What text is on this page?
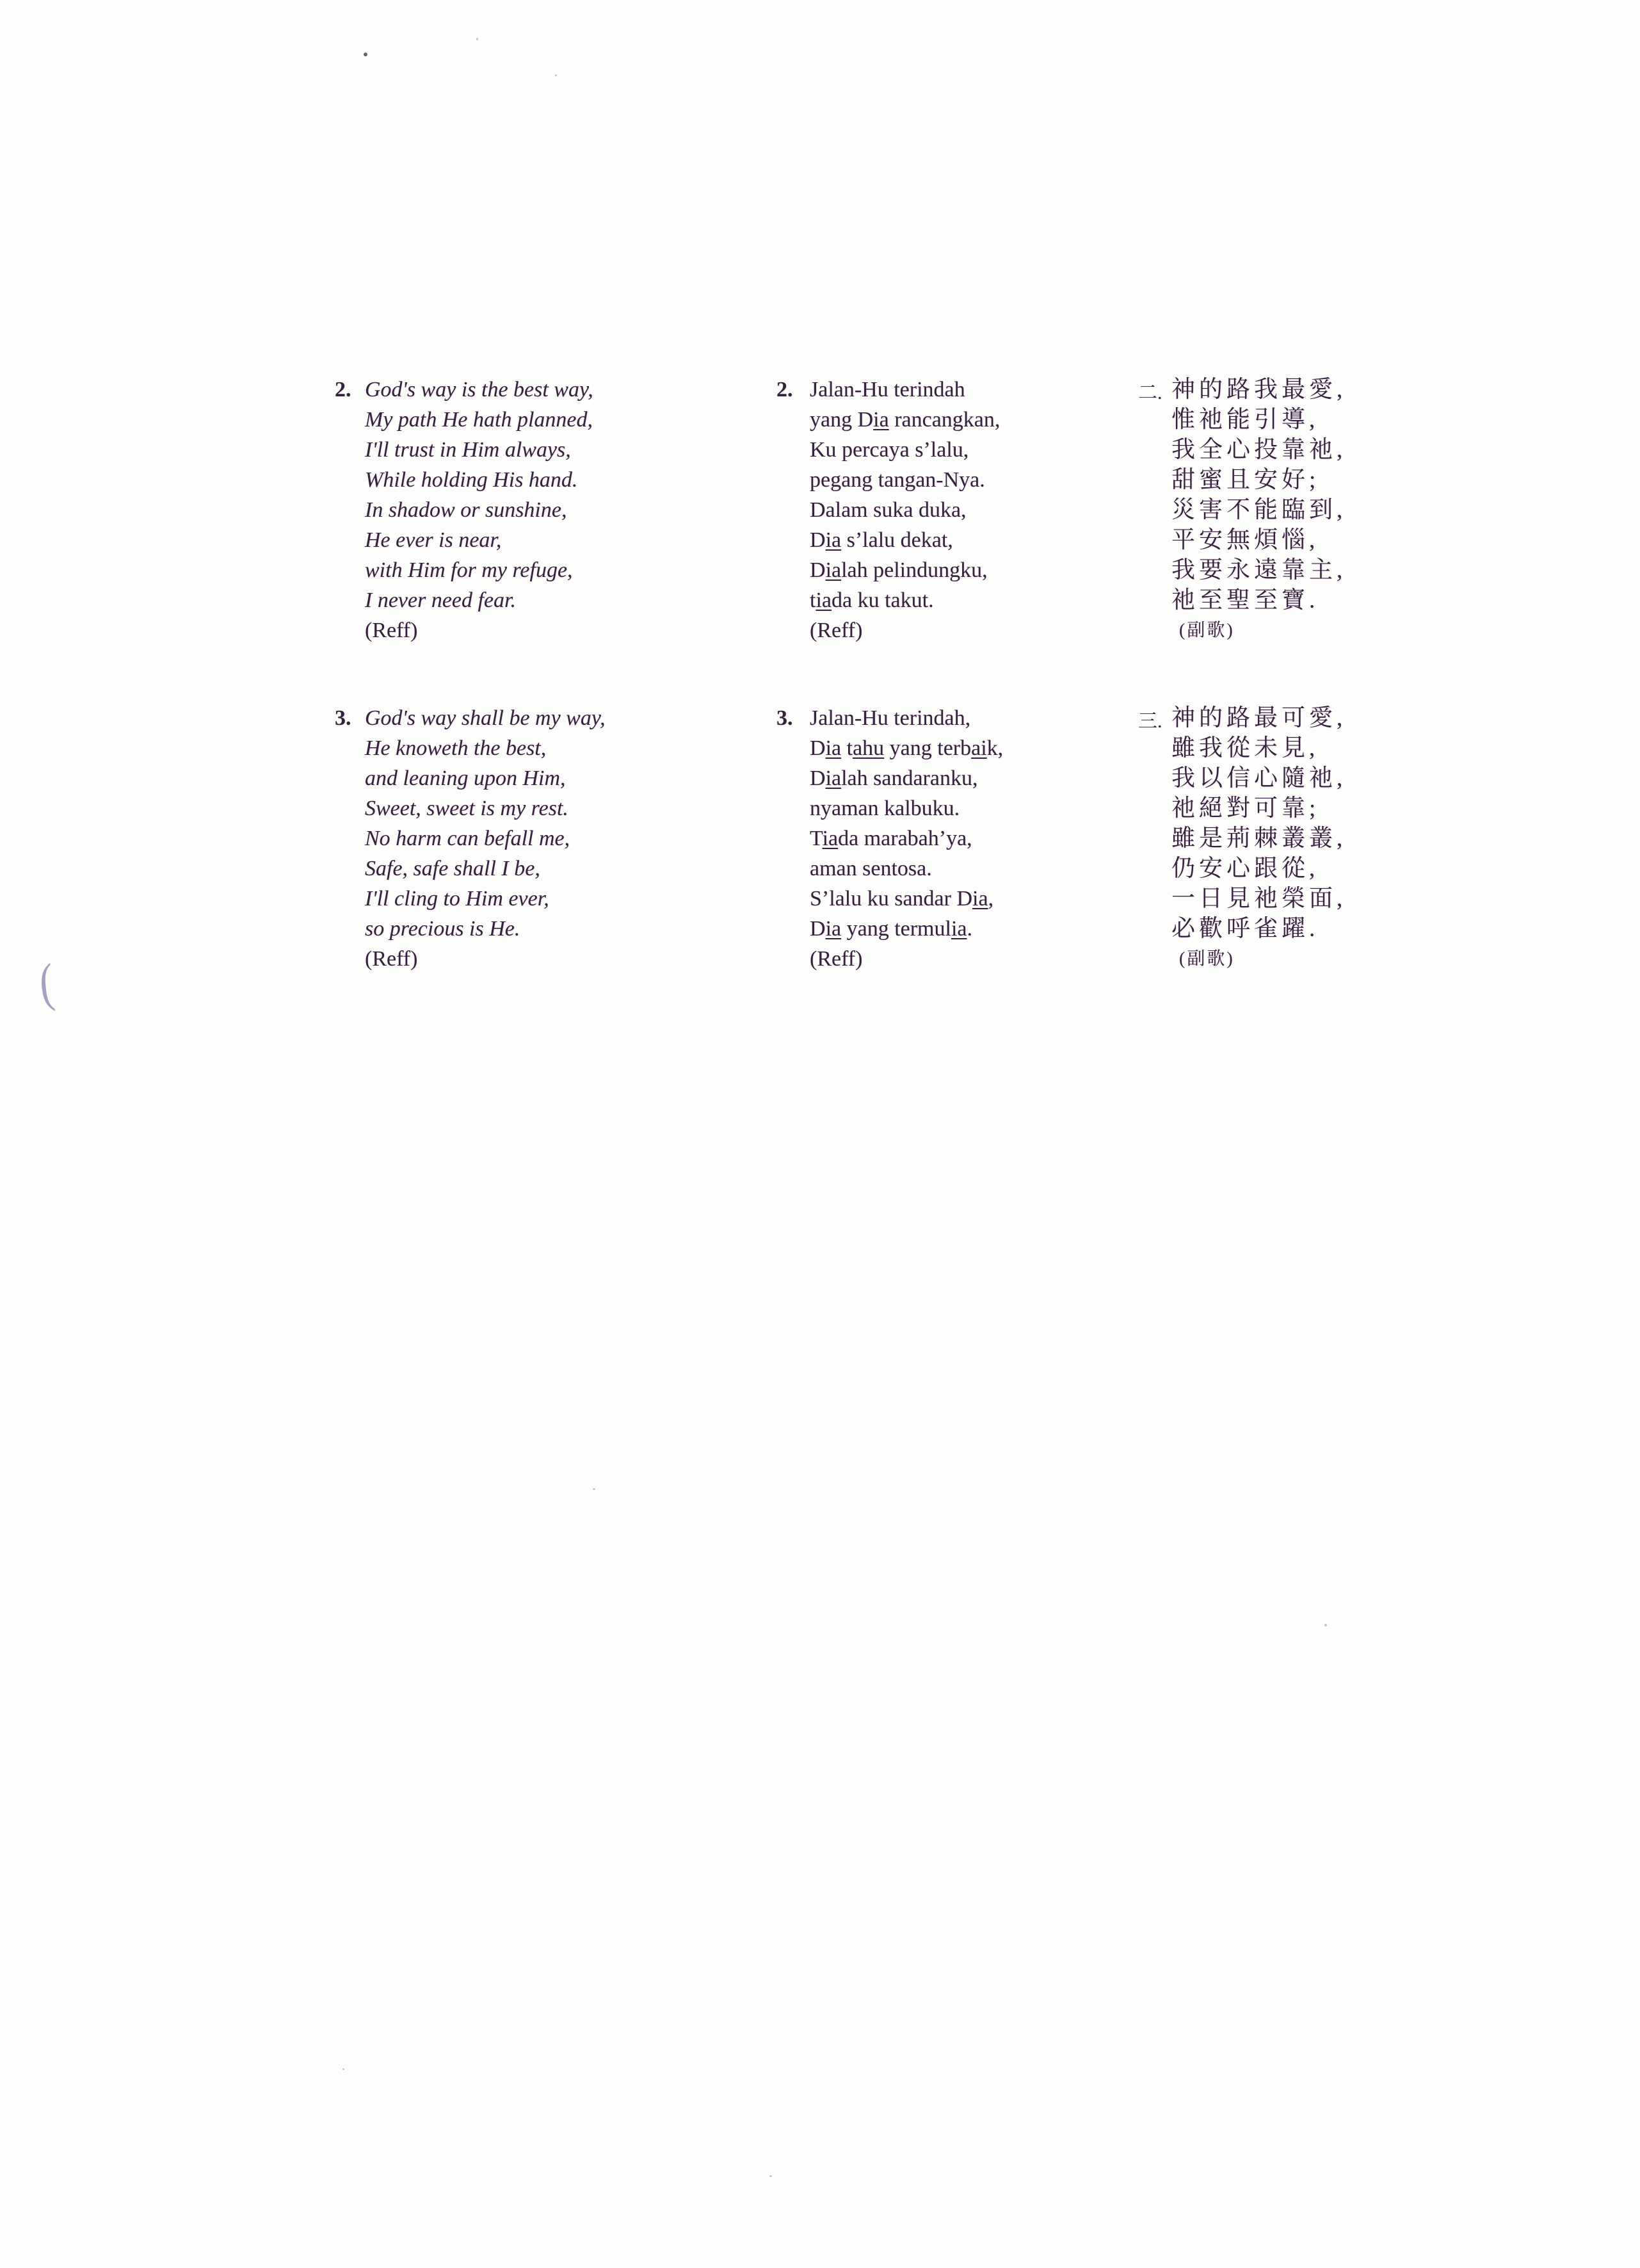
2. God's way is the best way,
My path He hath planned,
I'll trust in Him always,
While holding His hand.
In shadow or sunshine,
He ever is near,
with Him for my refuge,
I never need fear.
(Reff)
3. God's way shall be my way,
He knoweth the best,
and leaning upon Him,
Sweet, sweet is my rest.
No harm can befall me,
Safe, safe shall I be,
I'll cling to Him ever,
so precious is He.
(Reff)
2. Jalan-Hu terindah
yang Dia rancangkan,
Ku percaya s’lalu,
pegang tangan-Nya.
Dalam suka duka,
Dia s’lalu dekat,
Dialah pelindungku,
tiada ku takut.
(Reff)
3. Jalan-Hu terindah,
Dia tahu yang terbaik,
Dialah sandaranku,
nyaman kalbuku.
Tiada marabah’ya,
aman sentosa.
S’lalu ku sandar Dia,
Dia yang termulia.
(Reff)
二. 神的路我最愛,
惟祂能引導,
我全心投靠祂,
甜蜜且安好;
災害不能臨到,
平安無煩惱,
我要永遠靠主,
祂至聖至寶.
(副歌)
三. 神的路最可愛,
雖我從未見,
我以信心隨祂,
祂絕對可靠;
雖是荊棘叢叢,
仍安心跟從,
一日見祂榮面,
必歡呼雀躍.
(副歌)
(
